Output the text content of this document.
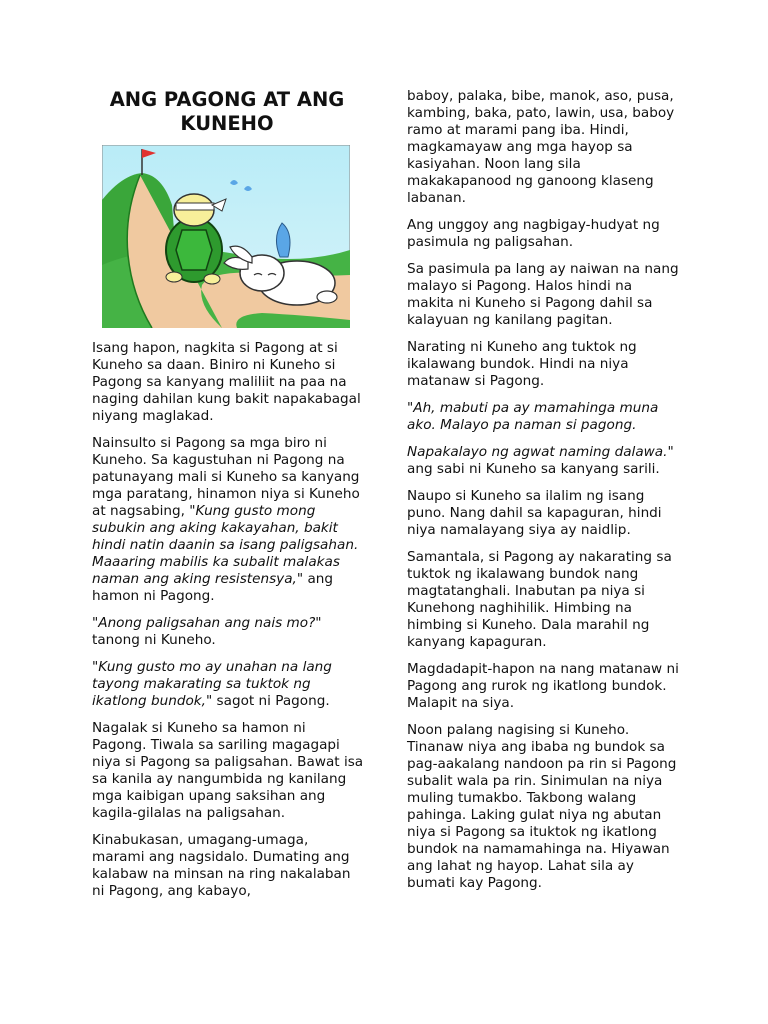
ANG PAGONG AT ANG KUNEHO

Isang hapon, nagkita si Pagong at si Kuneho sa daan. Biniro ni Kuneho si Pagong sa kanyang maliliit na paa na naging dahilan kung bakit napakabagal niyang maglakad.

Nainsulto si Pagong sa mga biro ni Kuneho. Sa kagustuhan ni Pagong na patunayang mali si Kuneho sa kanyang mga paratang, hinamon niya si Kuneho at nagsabing, "Kung gusto mong subukin ang aking kakayahan, bakit hindi natin daanin sa isang paligsahan. Maaaring mabilis ka subalit malakas naman ang aking resistensya," ang hamon ni Pagong.

"Anong paligsahan ang nais mo?" tanong ni Kuneho.

"Kung gusto mo ay unahan na lang tayong makarating sa tuktok ng ikatlong bundok," sagot ni Pagong.

Nagalak si Kuneho sa hamon ni Pagong. Tiwala sa sariling magagapi niya si Pagong sa paligsahan. Bawat isa sa kanila ay nangumbida ng kanilang mga kaibigan upang saksihan ang kagila-gilalas na paligsahan.

Kinabukasan, umagang-umaga, marami ang nagsidalo. Dumating ang kalabaw na minsan na ring nakalaban ni Pagong, ang kabayo,

baboy, palaka, bibe, manok, aso, pusa, kambing, baka, pato, lawin, usa, baboy ramo at marami pang iba. Hindi, magkamayaw ang mga hayop sa kasiyahan. Noon lang sila makakapanood ng ganoong klaseng labanan.

Ang unggoy ang nagbigay-hudyat ng pasimula ng paligsahan.

Sa pasimula pa lang ay naiwan na nang malayo si Pagong. Halos hindi na makita ni Kuneho si Pagong dahil sa kalayuan ng kanilang pagitan.

Narating ni Kuneho ang tuktok ng ikalawang bundok. Hindi na niya matanaw si Pagong.

"Ah, mabuti pa ay mamahinga muna ako. Malayo pa naman si pagong.

Napakalayo ng agwat naming dalawa." ang sabi ni Kuneho sa kanyang sarili.

Naupo si Kuneho sa ilalim ng isang puno. Nang dahil sa kapaguran, hindi niya namalayang siya ay naidlip.

Samantala, si Pagong ay nakarating sa tuktok ng ikalawang bundok nang magtatanghali. Inabutan pa niya si Kunehong naghihilik. Himbing na himbing si Kuneho. Dala marahil ng kanyang kapaguran.

Magdadapit-hapon na nang matanaw ni Pagong ang rurok ng ikatlong bundok. Malapit na siya.

Noon palang nagising si Kuneho. Tinanaw niya ang ibaba ng bundok sa pag-aakalang nandoon pa rin si Pagong subalit wala pa rin. Sinimulan na niya muling tumakbo. Takbong walang pahinga. Laking gulat niya ng abutan niya si Pagong sa ituktok ng ikatlong bundok na namamahinga na. Hiyawan ang lahat ng hayop. Lahat sila ay bumati kay Pagong.
